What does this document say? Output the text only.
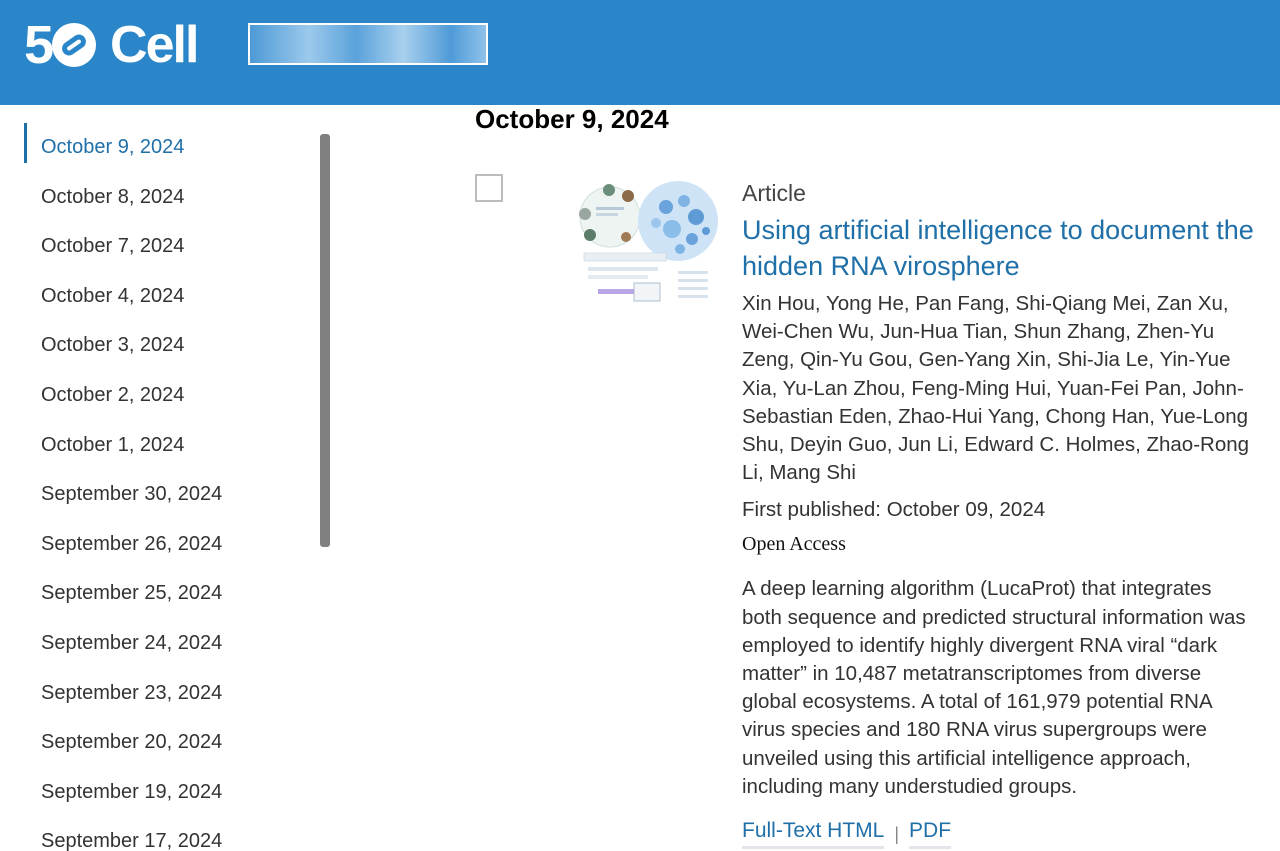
5 Cell
October 9, 2024
October 8, 2024
October 7, 2024
October 4, 2024
October 3, 2024
October 2, 2024
October 1, 2024
September 30, 2024
September 26, 2024
September 25, 2024
September 24, 2024
September 23, 2024
September 20, 2024
September 19, 2024
September 17, 2024
October 9, 2024
Article
Using artificial intelligence to document the hidden RNA virosphere
Xin Hou, Yong He, Pan Fang, Shi-Qiang Mei, Zan Xu, Wei-Chen Wu, Jun-Hua Tian, Shun Zhang, Zhen-Yu Zeng, Qin-Yu Gou, Gen-Yang Xin, Shi-Jia Le, Yin-Yue Xia, Yu-Lan Zhou, Feng-Ming Hui, Yuan-Fei Pan, John-Sebastian Eden, Zhao-Hui Yang, Chong Han, Yue-Long Shu, Deyin Guo, Jun Li, Edward C. Holmes, Zhao-Rong Li, Mang Shi
First published: October 09, 2024
Open Access
A deep learning algorithm (LucaProt) that integrates both sequence and predicted structural information was employed to identify highly divergent RNA viral “dark matter” in 10,487 metatranscriptomes from diverse global ecosystems. A total of 161,979 potential RNA virus species and 180 RNA virus supergroups were unveiled using this artificial intelligence approach, including many understudied groups.
Full-Text HTML | PDF
